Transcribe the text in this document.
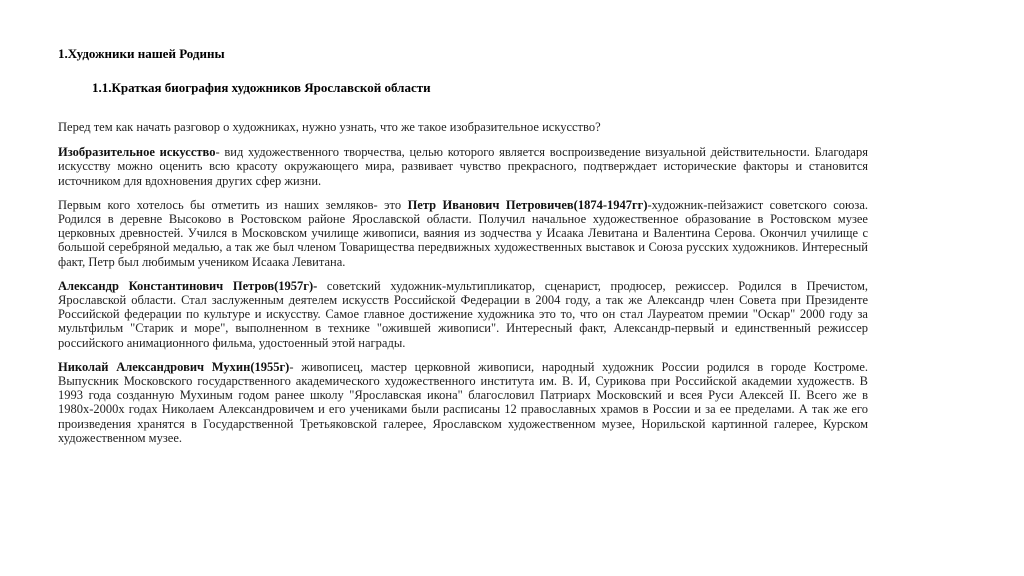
1.Художники нашей Родины
1.1.Краткая биография художников Ярославской области

Перед тем как начать разговор о художниках, нужно узнать, что же такое изобразительное искусство?

Изобразительное искусство- вид художественного творчества, целью которого является воспроизведение визуальной действительности. Благодаря искусству можно оценить всю красоту окружающего мира, развивает чувство прекрасного, подтверждает исторические факторы и становится источником для вдохновения других сфер жизни.

Первым кого хотелось бы отметить из наших земляков- это Петр Иванович Петровичев(1874-1947гг)-художник-пейзажист советского союза. Родился в деревне Высоково в Ростовском районе Ярославской области. Получил начальное художественное образование в Ростовском музее церковных древностей. Учился в Московском училище живописи, ваяния из зодчества у Исаака Левитана и Валентина Серова. Окончил училище с большой серебряной медалью, а так же был членом Товарищества передвижных художественных выставок и Союза русских художников. Интересный факт, Петр был любимым учеником Исаака Левитана.

Александр Константинович Петров(1957г)- советский художник-мультипликатор, сценарист, продюсер, режиссер. Родился в Пречистом, Ярославской области. Стал заслуженным деятелем искусств Российской Федерации в 2004 году, а так же Александр член Совета при Президенте Российской федерации по культуре и искусству. Самое главное достижение художника это то, что он стал Лауреатом премии "Оскар" 2000 году за мультфильм "Старик и море", выполненном в технике "ожившей живописи". Интересный факт, Александр-первый и единственный режиссер российского анимационного фильма, удостоенный этой награды.

Николай Александрович Мухин(1955г)- живописец, мастер церковной живописи, народный художник России родился в городе Костроме. Выпускник Московского государственного академического художественного института им. В. И, Сурикова при Российской академии художеств. В 1993 года созданную Мухиным годом ранее школу "Ярославская икона" благословил Патриарх Московский и всея Руси Алексей II. Всего же в 1980х-2000х годах Николаем Александровичем и его учениками были расписаны 12 православных храмов в России и за ее пределами. А так же его произведения хранятся в Государственной Третьяковской галерее, Ярославском художественном музее, Норильской картинной галерее, Курском художественном музее.
